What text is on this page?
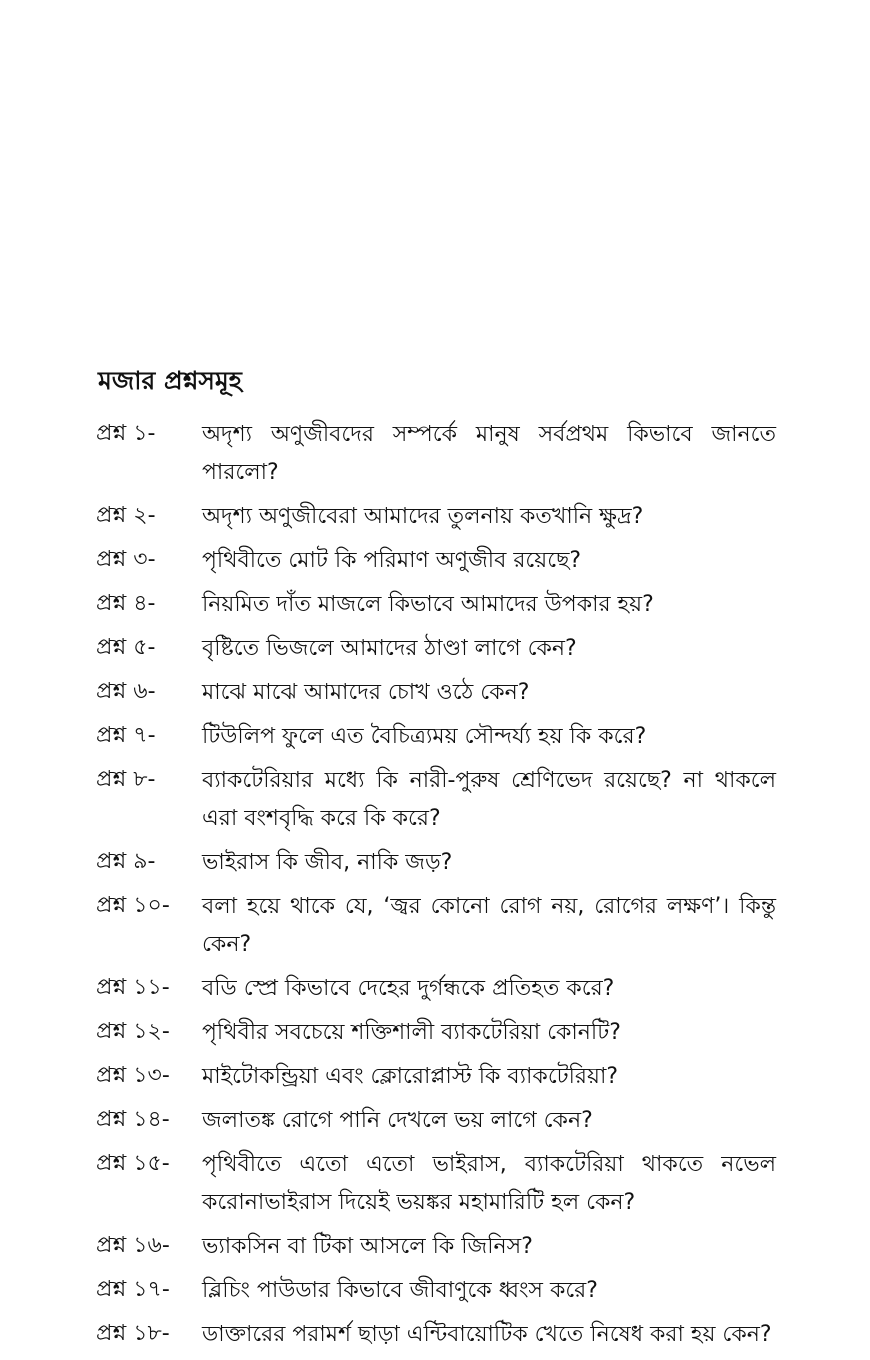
মজার প্রশ্নসমূহ
প্রশ্ন ১-	অদৃশ্য অণুজীবদের সম্পর্কে মানুষ সর্বপ্রথম কিভাবে জানতে পারলো?
প্রশ্ন ২-	অদৃশ্য অণুজীবেরা আমাদের তুলনায় কতখানি ক্ষুদ্র?
প্রশ্ন ৩-	পৃথিবীতে মোট কি পরিমাণ অণুজীব রয়েছে?
প্রশ্ন ৪-	নিয়মিত দাঁত মাজলে কিভাবে আমাদের উপকার হয়?
প্রশ্ন ৫-	বৃষ্টিতে ভিজলে আমাদের ঠাণ্ডা লাগে কেন?
প্রশ্ন ৬-	মাঝে মাঝে আমাদের চোখ ওঠে কেন?
প্রশ্ন ৭-	টিউলিপ ফুলে এত বৈচিত্র্যময় সৌন্দর্য্য হয় কি করে?
প্রশ্ন ৮-	ব্যাকটেরিয়ার মধ্যে কি নারী-পুরুষ শ্রেণিভেদ রয়েছে? না থাকলে এরা বংশবৃদ্ধি করে কি করে?
প্রশ্ন ৯-	ভাইরাস কি জীব, নাকি জড়?
প্রশ্ন ১০-	বলা হয়ে থাকে যে, ‘জ্বর কোনো রোগ নয়, রোগের লক্ষণ’। কিন্তু কেন?
প্রশ্ন ১১-	বডি স্প্রে কিভাবে দেহের দুর্গন্ধকে প্রতিহত করে?
প্রশ্ন ১২-	পৃথিবীর সবচেয়ে শক্তিশালী ব্যাকটেরিয়া কোনটি?
প্রশ্ন ১৩-	মাইটোকন্ড্রিয়া এবং ক্লোরোপ্লাস্ট কি ব্যাকটেরিয়া?
প্রশ্ন ১৪-	জলাতঙ্ক রোগে পানি দেখলে ভয় লাগে কেন?
প্রশ্ন ১৫-	পৃথিবীতে এতো এতো ভাইরাস, ব্যাকটেরিয়া থাকতে নভেল করোনাভাইরাস দিয়েই ভয়ঙ্কর মহামারিটি হল কেন?
প্রশ্ন ১৬-	ভ্যাকসিন বা টিকা আসলে কি জিনিস?
প্রশ্ন ১৭-	ব্লিচিং পাউডার কিভাবে জীবাণুকে ধ্বংস করে?
প্রশ্ন ১৮-	ডাক্তারের পরামর্শ ছাড়া এন্টিবায়োটিক খেতে নিষেধ করা হয় কেন?
